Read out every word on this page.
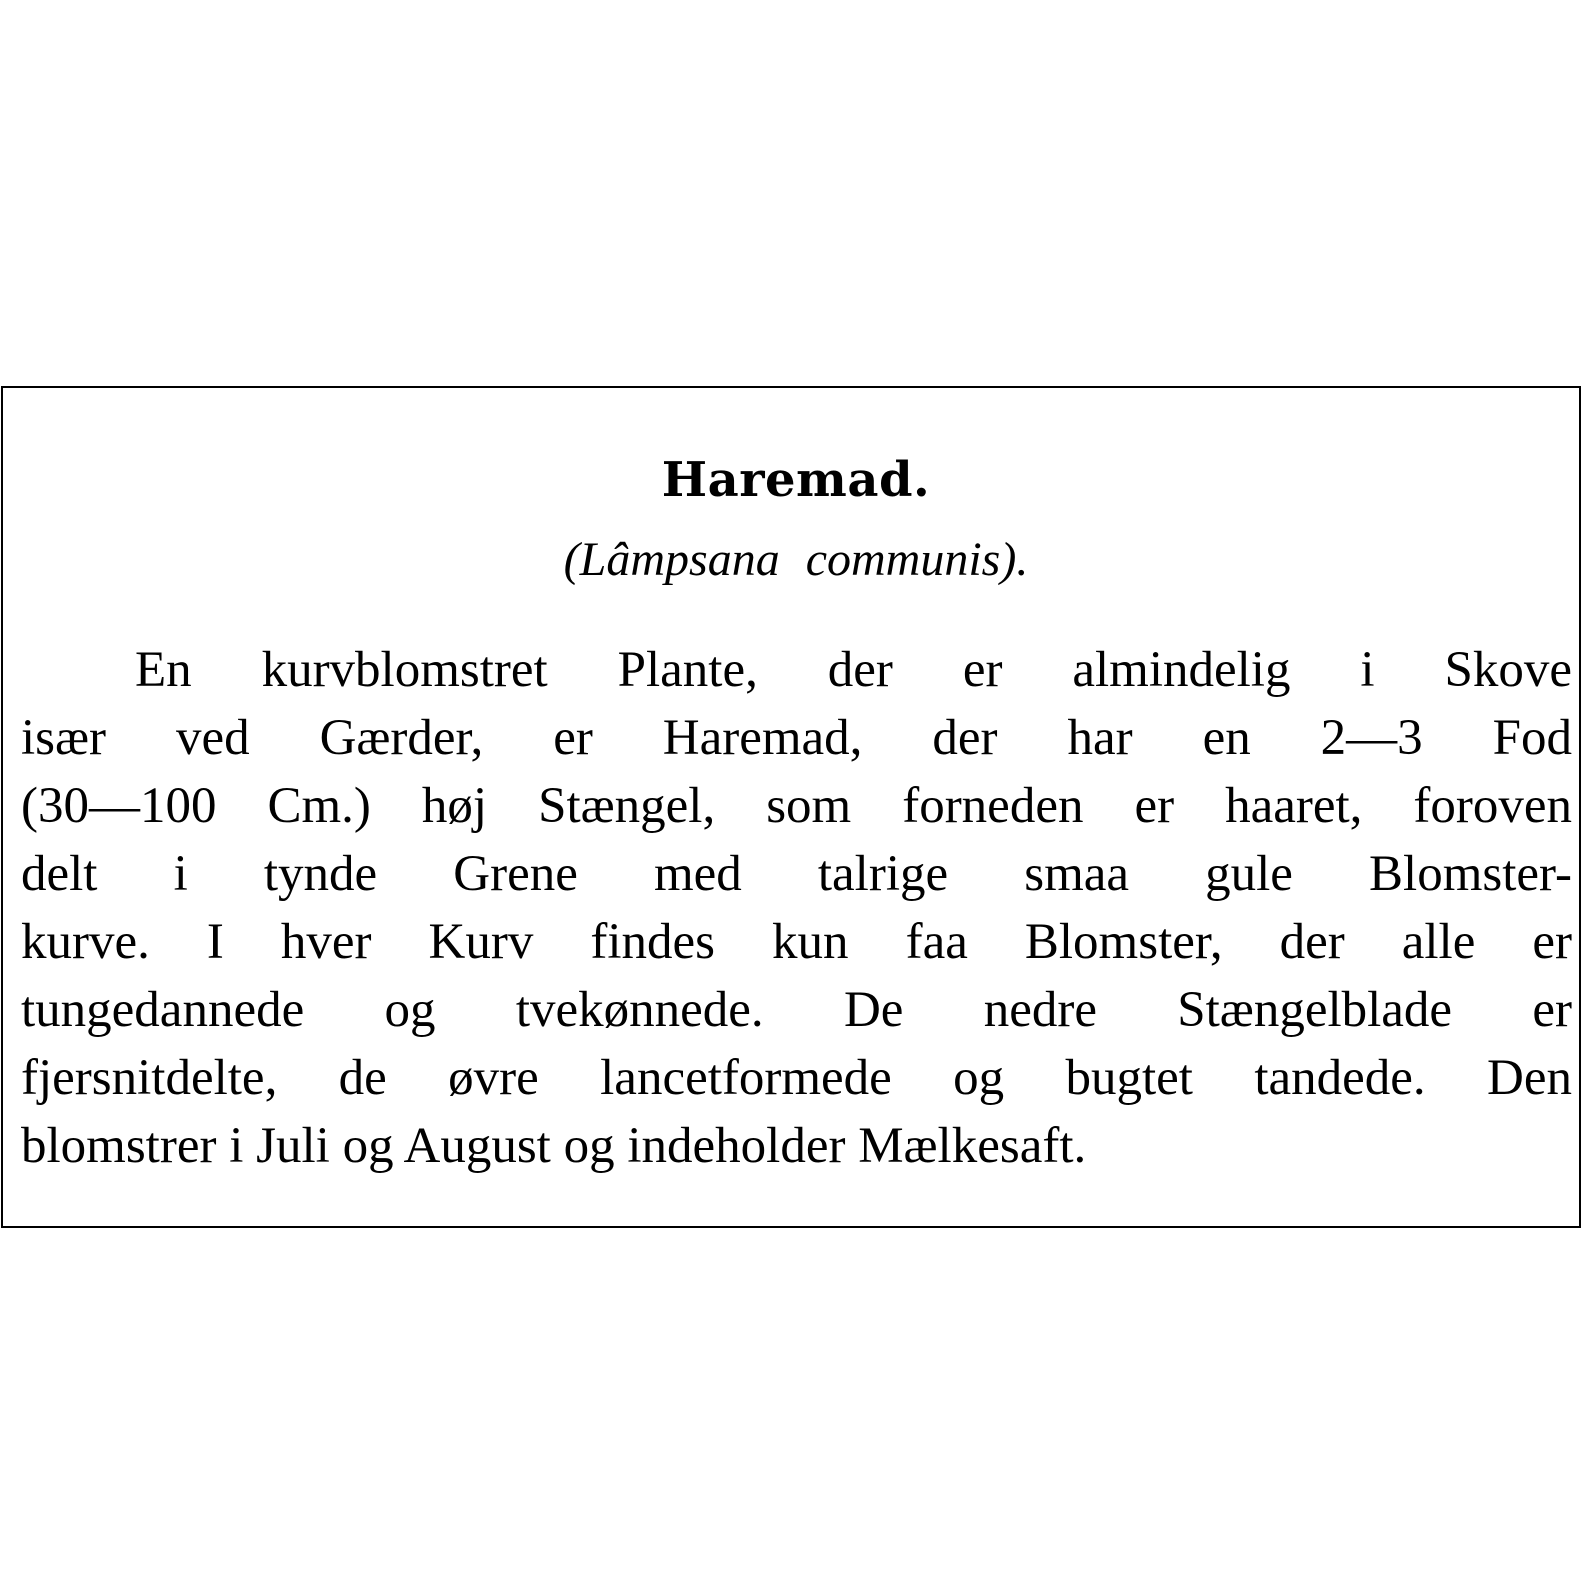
Haremad.
(Lâmpsana communis).
En kurvblomstret Plante, der er almindelig i Skove
især ved Gærder, er Haremad, der har en 2—3 Fod
(30—100 Cm.) høj Stængel, som forneden er haaret, foroven
delt i tynde Grene med talrige smaa gule Blomster-
kurve. I hver Kurv findes kun faa Blomster, der alle er
tungedannede og tvekønnede. De nedre Stængelblade er
fjersnitdelte, de øvre lancetformede og bugtet tandede. Den
blomstrer i Juli og August og indeholder Mælkesaft.
